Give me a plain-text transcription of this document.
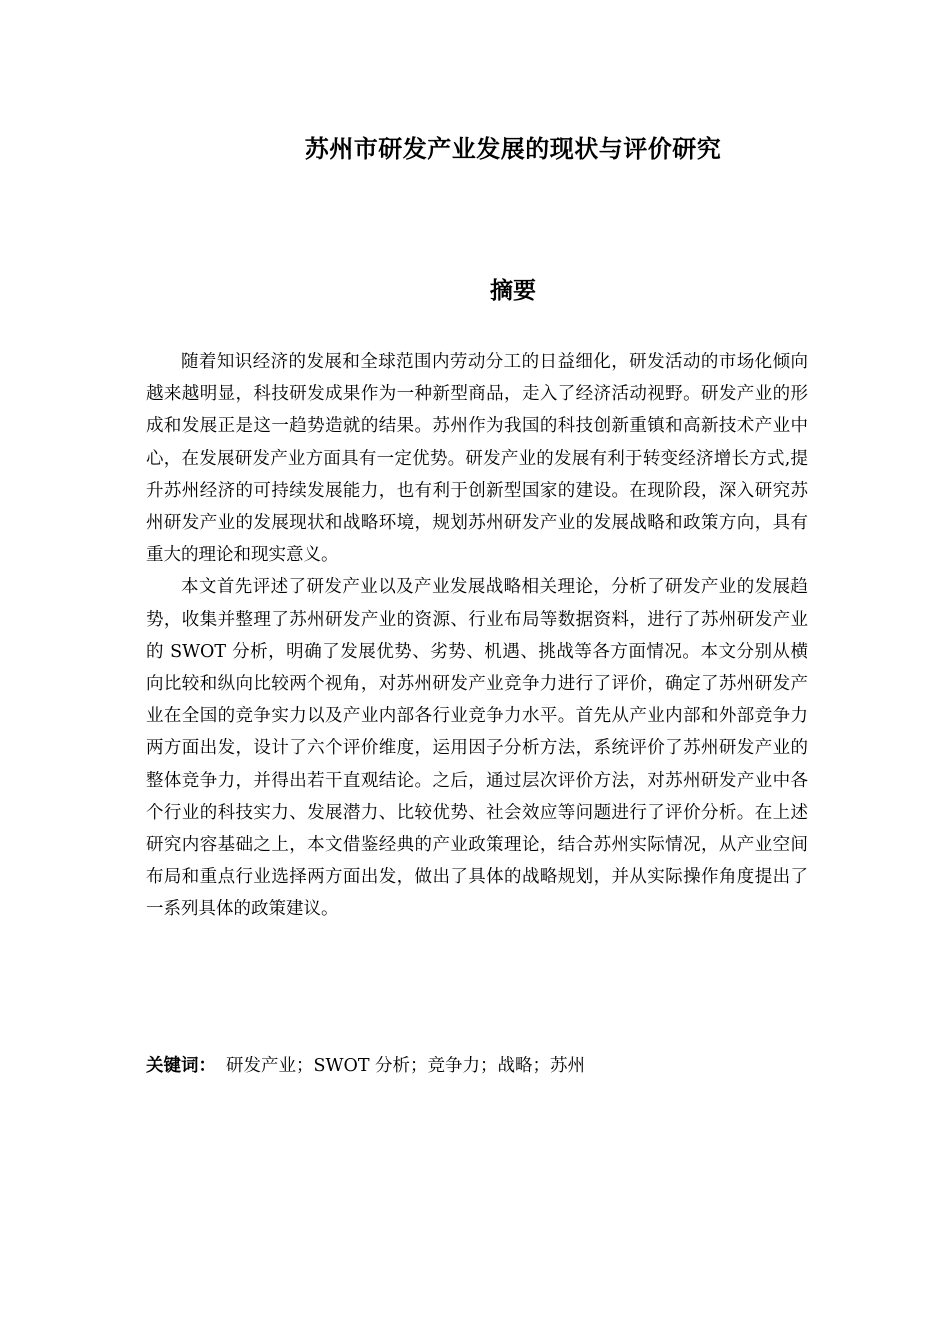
苏州市研发产业发展的现状与评价研究
摘要

随着知识经济的发展和全球范围内劳动分工的日益细化，研发活动的市场化倾向越来越明显，科技研发成果作为一种新型商品，走入了经济活动视野。研发产业的形成和发展正是这一趋势造就的结果。苏州作为我国的科技创新重镇和高新技术产业中心，在发展研发产业方面具有一定优势。研发产业的发展有利于转变经济增长方式,提升苏州经济的可持续发展能力，也有利于创新型国家的建设。在现阶段，深入研究苏州研发产业的发展现状和战略环境，规划苏州研发产业的发展战略和政策方向，具有重大的理论和现实意义。

本文首先评述了研发产业以及产业发展战略相关理论，分析了研发产业的发展趋势，收集并整理了苏州研发产业的资源、行业布局等数据资料，进行了苏州研发产业的 SWOT 分析，明确了发展优势、劣势、机遇、挑战等各方面情况。本文分别从横向比较和纵向比较两个视角，对苏州研发产业竞争力进行了评价，确定了苏州研发产业在全国的竞争实力以及产业内部各行业竞争力水平。首先从产业内部和外部竞争力两方面出发，设计了六个评价维度，运用因子分析方法，系统评价了苏州研发产业的整体竞争力，并得出若干直观结论。之后，通过层次评价方法，对苏州研发产业中各个行业的科技实力、发展潜力、比较优势、社会效应等问题进行了评价分析。在上述研究内容基础之上，本文借鉴经典的产业政策理论，结合苏州实际情况，从产业空间布局和重点行业选择两方面出发，做出了具体的战略规划，并从实际操作角度提出了一系列具体的政策建议。

关键词： 研发产业；SWOT 分析；竞争力；战略；苏州
